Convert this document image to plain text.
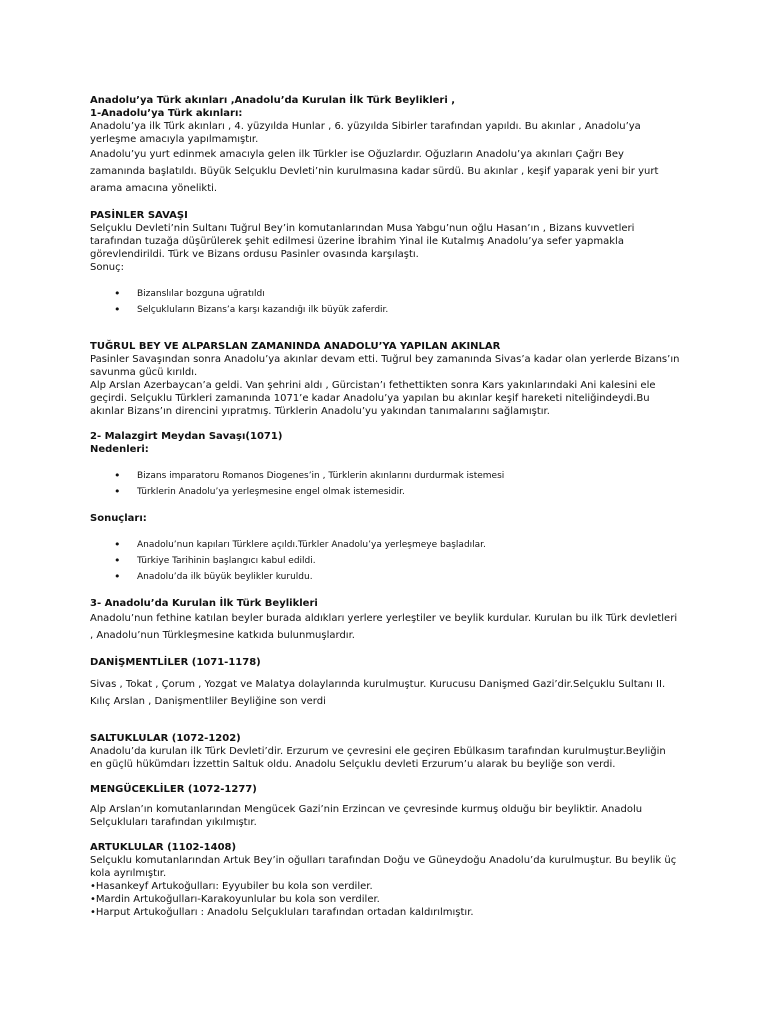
Anadolu’ya Türk akınları ,Anadolu’da Kurulan İlk Türk Beylikleri ,

1-Anadolu’ya Türk akınları:

Anadolu’ya ilk Türk akınları , 4. yüzyılda Hunlar , 6. yüzyılda Sibirler tarafından yapıldı. Bu akınlar , Anadolu’ya yerleşme amacıyla yapılmamıştır.

Anadolu’yu yurt edinmek amacıyla gelen ilk Türkler ise Oğuzlardır. Oğuzların Anadolu’ya akınları Çağrı Bey zamanında başlatıldı. Büyük Selçuklu Devleti’nin kurulmasına kadar sürdü. Bu akınlar , keşif yaparak yeni bir yurt arama amacına yönelikti.

PASİNLER SAVAŞI

Selçuklu Devleti’nin Sultanı Tuğrul Bey’in komutanlarından Musa Yabgu’nun oğlu Hasan’ın , Bizans kuvvetleri tarafından tuzağa düşürülerek şehit edilmesi üzerine İbrahim Yinal ile Kutalmış Anadolu’ya sefer yapmakla görevlendirildi. Türk ve Bizans ordusu Pasinler ovasında karşılaştı.

Sonuç:

• Bizanslılar bozguna uğratıldı
• Selçukluların Bizans’a karşı kazandığı ilk büyük zaferdir.

TUĞRUL BEY VE ALPARSLAN ZAMANINDA ANADOLU’YA YAPILAN AKINLAR

Pasinler Savaşından sonra Anadolu’ya akınlar devam etti. Tuğrul bey zamanında Sivas’a kadar olan yerlerde Bizans’ın savunma gücü kırıldı.

Alp Arslan Azerbaycan’a geldi. Van şehrini aldı , Gürcistan’ı fethettikten sonra Kars yakınlarındaki Ani kalesini ele geçirdi. Selçuklu Türkleri zamanında 1071’e kadar Anadolu’ya yapılan bu akınlar keşif hareketi niteliğindeydi.Bu akınlar Bizans’ın direncini yıpratmış. Türklerin Anadolu’yu yakından tanımalarını sağlamıştır.

2- Malazgirt Meydan Savaşı(1071)

Nedenleri:

• Bizans imparatoru Romanos Diogenes’in , Türklerin akınlarını durdurmak istemesi
• Türklerin Anadolu’ya yerleşmesine engel olmak istemesidir.

Sonuçları:

• Anadolu’nun kapıları Türklere açıldı.Türkler Anadolu’ya yerleşmeye başladılar.
• Türkiye Tarihinin başlangıcı kabul edildi.
• Anadolu’da ilk büyük beylikler kuruldu.

3- Anadolu’da Kurulan İlk Türk Beylikleri

Anadolu’nun fethine katılan beyler burada aldıkları yerlere yerleştiler ve beylik kurdular. Kurulan bu ilk Türk devletleri , Anadolu’nun Türkleşmesine katkıda bulunmuşlardır.

DANİŞMENTLİLER (1071-1178)

Sivas , Tokat , Çorum , Yozgat ve Malatya dolaylarında kurulmuştur. Kurucusu Danişmed Gazi’dir.Selçuklu Sultanı II. Kılıç Arslan , Danişmentliler Beyliğine son verdi

SALTUKLULAR (1072-1202)

Anadolu’da kurulan ilk Türk Devleti’dir. Erzurum ve çevresini ele geçiren Ebülkasım tarafından kurulmuştur.Beyliğin en güçlü hükümdarı İzzettin Saltuk oldu. Anadolu Selçuklu devleti Erzurum’u alarak bu beyliğe son verdi.

MENGÜCEKLİLER (1072-1277)

Alp Arslan’ın komutanlarından Mengücek Gazi’nin Erzincan ve çevresinde kurmuş olduğu bir beyliktir. Anadolu Selçukluları tarafından yıkılmıştır.

ARTUKLULAR (1102-1408)

Selçuklu komutanlarından Artuk Bey’in oğulları tarafından Doğu ve Güneydoğu Anadolu’da kurulmuştur. Bu beylik üç kola ayrılmıştır.

•Hasankeyf Artukoğulları: Eyyubiler bu kola son verdiler.

•Mardin Artukoğulları-Karakoyunlular bu kola son verdiler.

•Harput Artukoğulları : Anadolu Selçukluları tarafından ortadan kaldırılmıştır.
